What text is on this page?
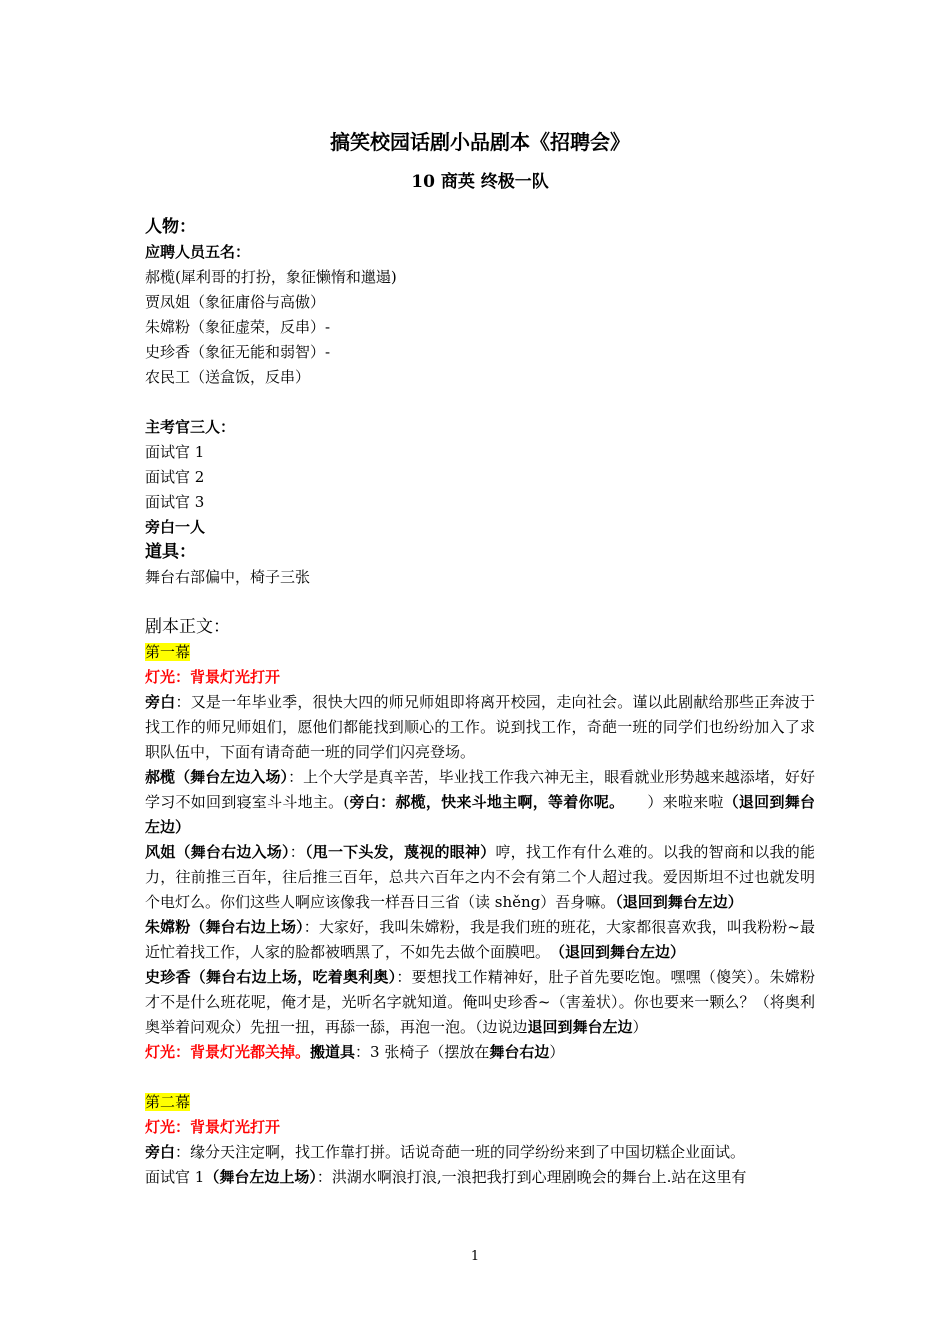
搞笑校园话剧小品剧本《招聘会》

10 商英 终极一队

人物：

应聘人员五名：

郝榄(犀利哥的打扮，象征懒惰和邋遢)

贾凤姐（象征庸俗与高傲）

朱嫦粉（象征虚荣，反串）-

史珍香（象征无能和弱智）-

农民工（送盒饭，反串）

主考官三人：

面试官 1

面试官 2

面试官 3

旁白一人

道具：

舞台右部偏中，椅子三张

剧本正文：

第一幕

灯光：背景灯光打开

旁白：又是一年毕业季，很快大四的师兄师姐即将离开校园，走向社会。谨以此剧献给那些正奔波于找工作的师兄师姐们，愿他们都能找到顺心的工作。说到找工作，奇葩一班的同学们也纷纷加入了求职队伍中，下面有请奇葩一班的同学们闪亮登场。

郝榄（舞台左边入场）：上个大学是真辛苦，毕业找工作我六神无主，眼看就业形势越来越添堵，好好学习不如回到寝室斗斗地主。(旁白：郝榄，快来斗地主啊，等着你呢。　　）来啦来啦（退回到舞台左边）

风姐（舞台右边入场）：（甩一下头发，蔑视的眼神）哼，找工作有什么难的。以我的智商和以我的能力，往前推三百年，往后推三百年，总共六百年之内不会有第二个人超过我。爱因斯坦不过也就发明个电灯么。你们这些人啊应该像我一样吾日三省（读 shěng）吾身嘛。（退回到舞台左边）

朱嫦粉（舞台右边上场）：大家好，我叫朱嫦粉，我是我们班的班花，大家都很喜欢我，叫我粉粉~最近忙着找工作，人家的脸都被晒黑了，不如先去做个面膜吧。　（退回到舞台左边）

史珍香（舞台右边上场，吃着奥利奥）：要想找工作精神好，肚子首先要吃饱。嘿嘿（傻笑）。朱嫦粉才不是什么班花呢，俺才是，光听名字就知道。俺叫史珍香~（害羞状）。你也要来一颗么？（将奥利奥举着问观众）先扭一扭，再舔一舔，再泡一泡。（边说边退回到舞台左边）

灯光：背景灯光都关掉。搬道具：3 张椅子（摆放在舞台右边）

第二幕

灯光：背景灯光打开

旁白：缘分天注定啊，找工作靠打拼。话说奇葩一班的同学纷纷来到了中国切糕企业面试。

面试官 1（舞台左边上场）：洪湖水啊浪打浪,一浪把我打到心理剧晚会的舞台上.站在这里有

1
